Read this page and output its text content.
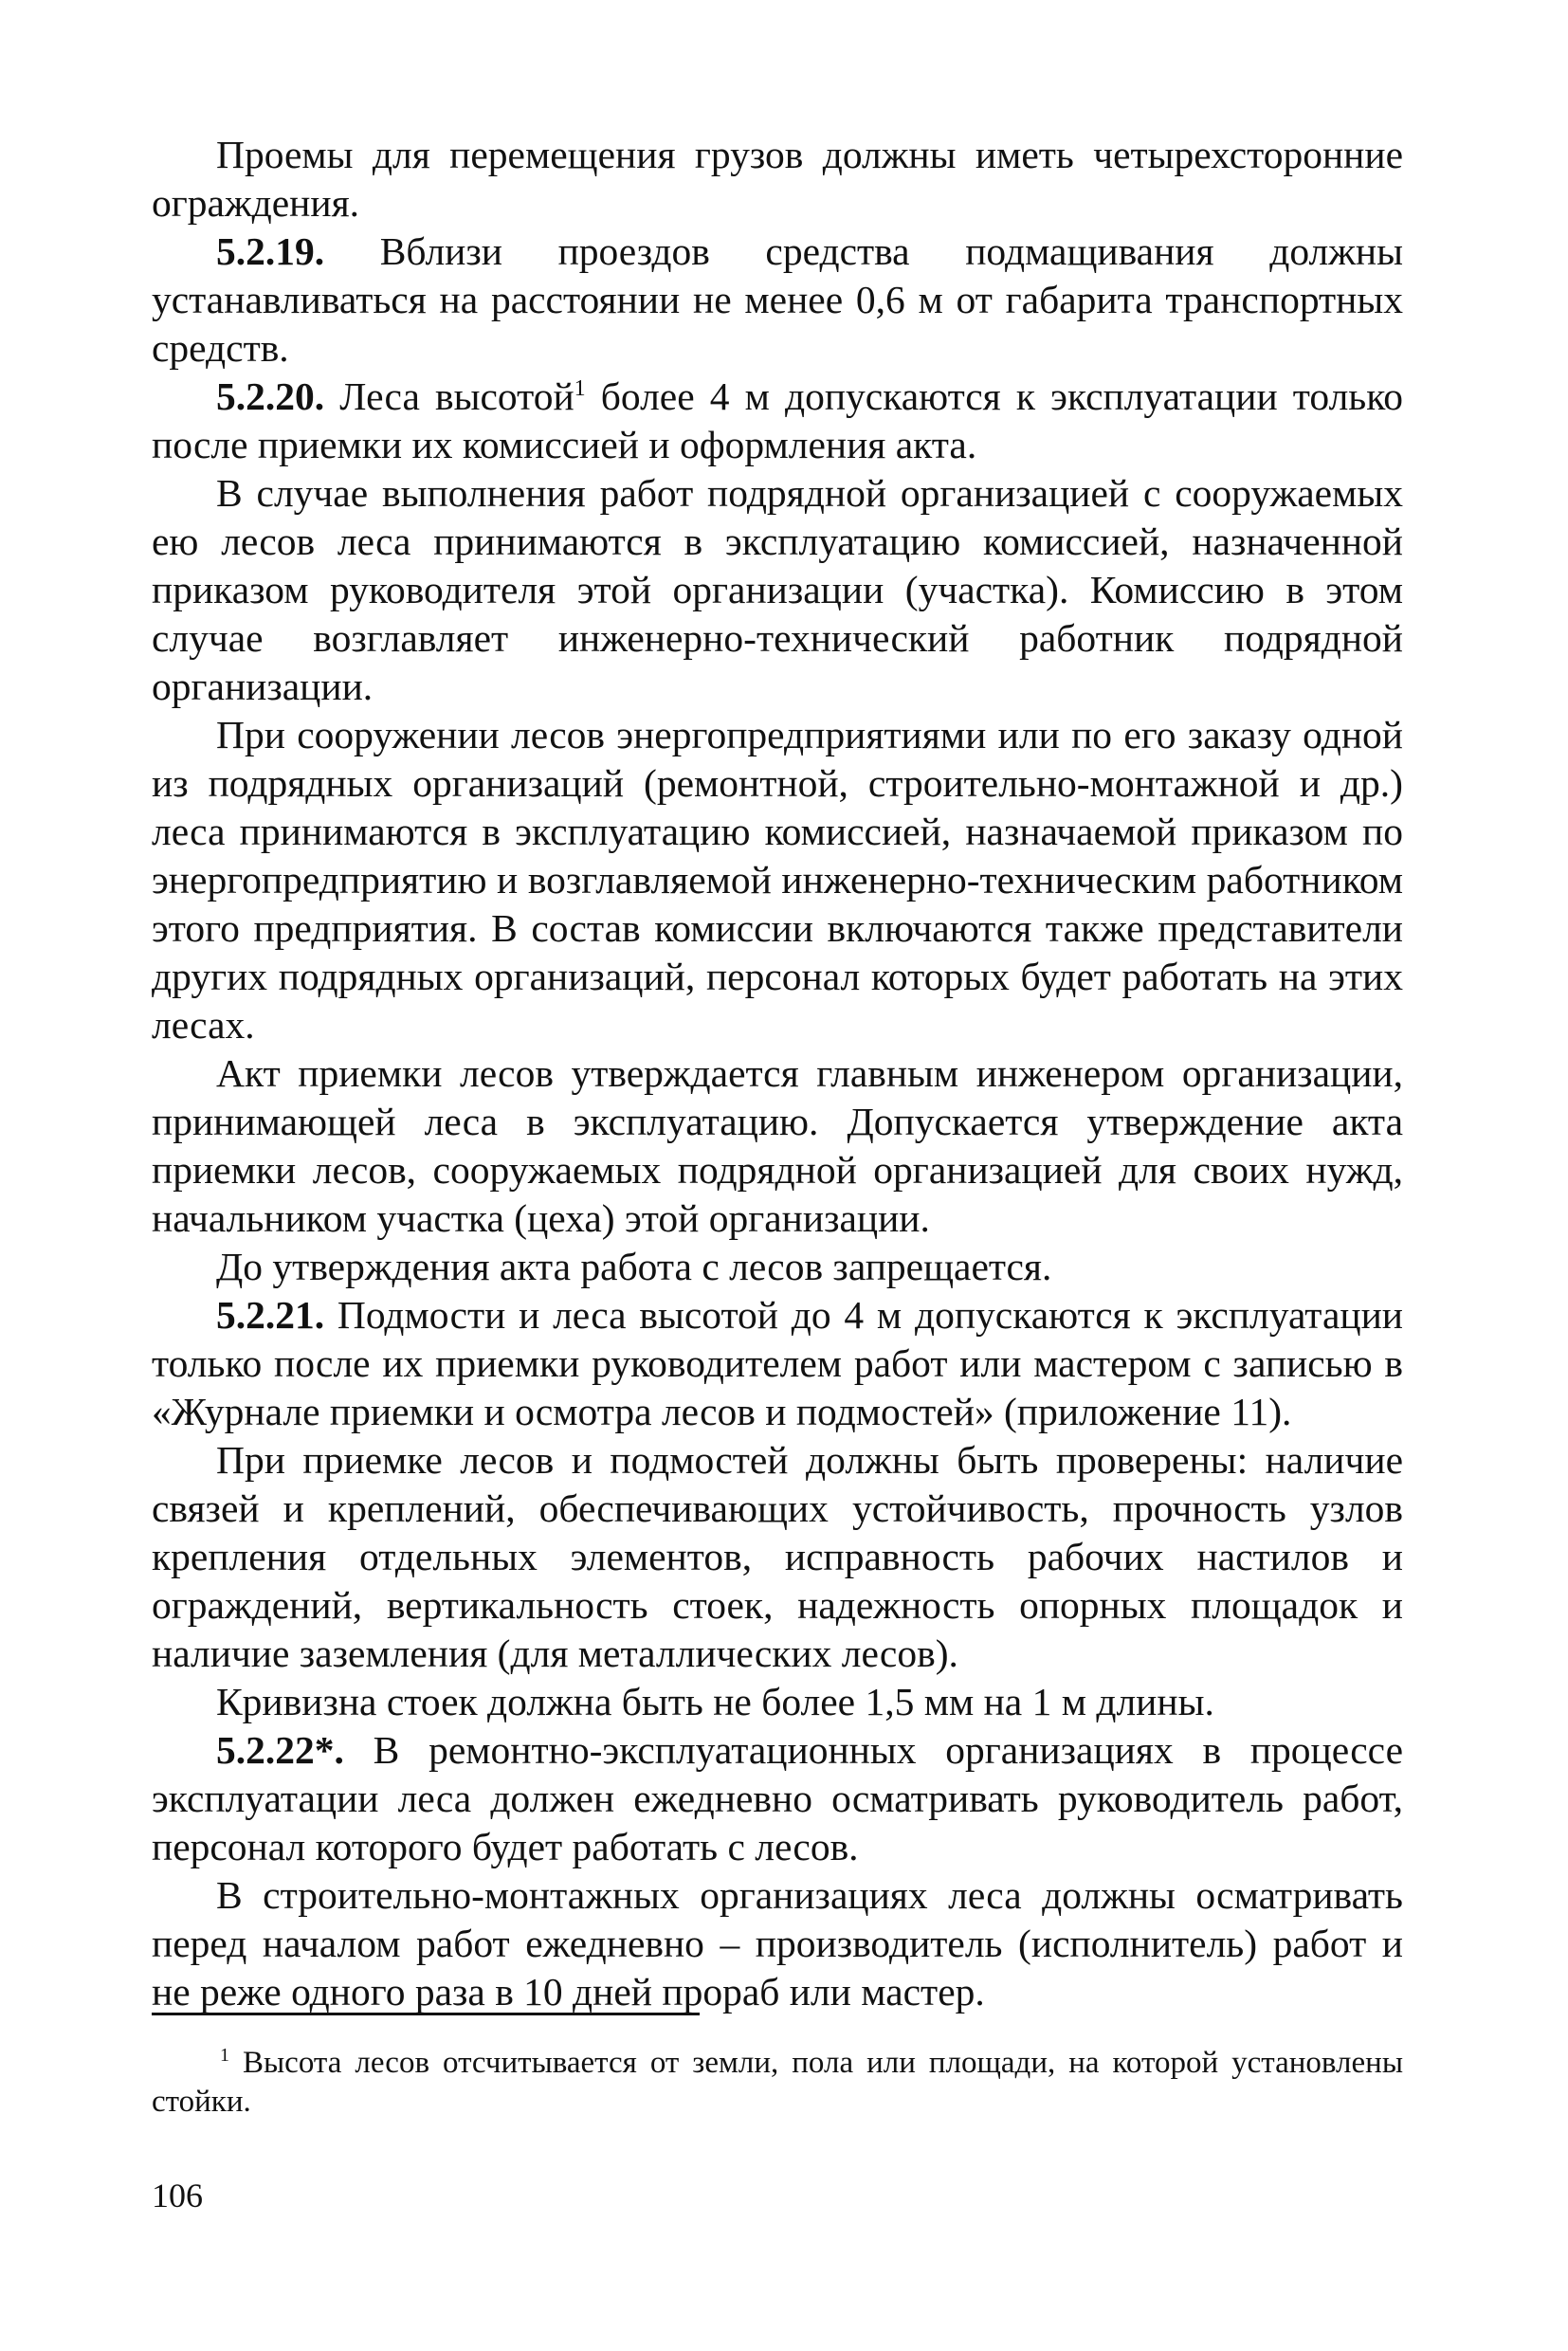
Проемы для перемещения грузов должны иметь четырехсторонние ограждения.

5.2.19. Вблизи проездов средства подмащивания должны устанавливаться на расстоянии не менее 0,6 м от габарита транспортных средств.

5.2.20. Леса высотой$^1$ более 4 м допускаются к эксплуатации только после приемки их комиссией и оформления акта.

В случае выполнения работ подрядной организацией с сооружаемых ею лесов леса принимаются в эксплуатацию комиссией, назначенной приказом руководителя этой организации (участка). Комиссию в этом случае возглавляет инженерно-технический работник подрядной организации.

При сооружении лесов энергопредприятиями или по его заказу одной из подрядных организаций (ремонтной, строительно-монтажной и др.) леса принимаются в эксплуатацию комиссией, назначаемой приказом по энергопредприятию и возглавляемой инженерно-техническим работником этого предприятия. В состав комиссии включаются также представители других подрядных организаций, персонал которых будет работать на этих лесах.

Акт приемки лесов утверждается главным инженером организации, принимающей леса в эксплуатацию. Допускается утверждение акта приемки лесов, сооружаемых подрядной организацией для своих нужд, начальником участка (цеха) этой организации.

До утверждения акта работа с лесов запрещается.

5.2.21. Подмости и леса высотой до 4 м допускаются к эксплуатации только после их приемки руководителем работ или мастером с записью в «Журнале приемки и осмотра лесов и подмостей» (приложение 11).

При приемке лесов и подмостей должны быть проверены: наличие связей и креплений, обеспечивающих устойчивость, прочность узлов крепления отдельных элементов, исправность рабочих настилов и ограждений, вертикальность стоек, надежность опорных площадок и наличие заземления (для металлических лесов).

Кривизна стоек должна быть не более 1,5 мм на 1 м длины.

5.2.22*. В ремонтно-эксплуатационных организациях в процессе эксплуатации леса должен ежедневно осматривать руководитель работ, персонал которого будет работать с лесов.

В строительно-монтажных организациях леса должны осматривать перед началом работ ежедневно – производитель (исполнитель) работ и не реже одного раза в 10 дней прораб или мастер.

$^1$ Высота лесов отсчитывается от земли, пола или площади, на которой установлены стойки.

106
